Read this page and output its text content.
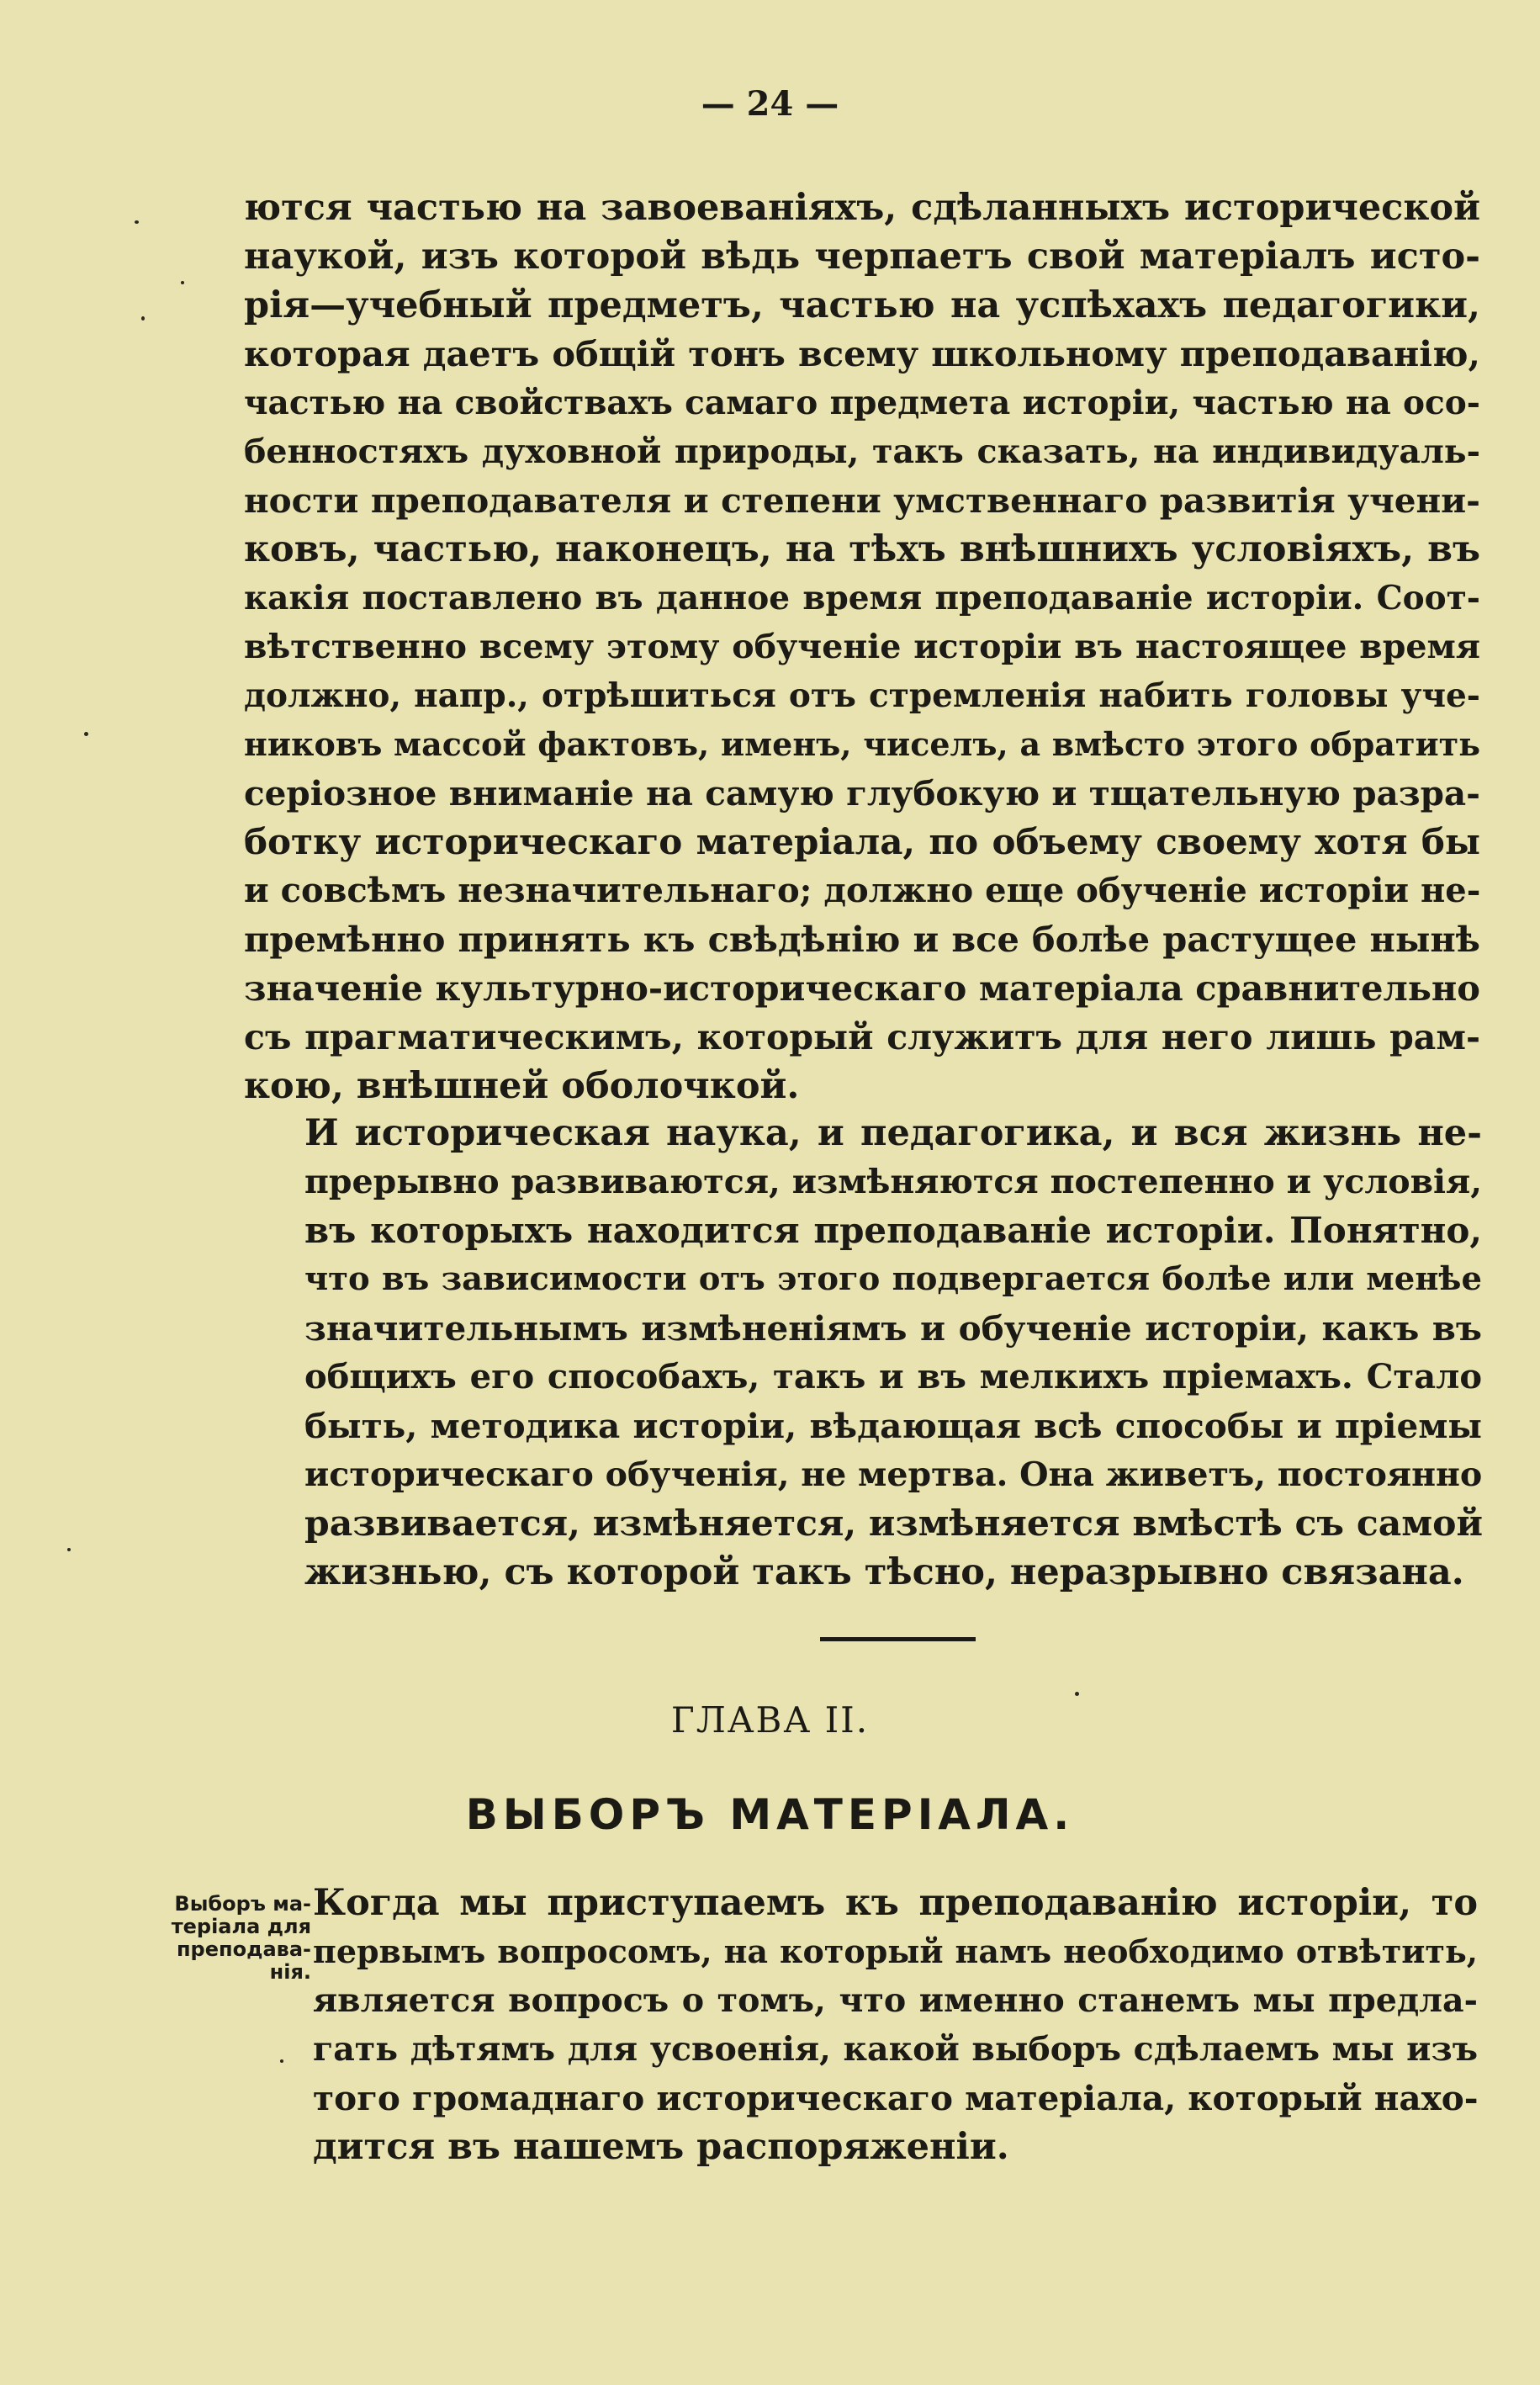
— 24 —

ются частью на завоеваніяхъ, сдѣланныхъ исторической
наукой, изъ которой вѣдь черпаетъ свой матеріалъ исто-
рія—учебный предметъ, частью на успѣхахъ педагогики,
которая даетъ общій тонъ всему школьному преподаванію,
частью на свойствахъ самаго предмета исторіи, частью на осо-
бенностяхъ духовной природы, такъ сказать, на индивидуаль-
ности преподавателя и степени умственнаго развитія учени-
ковъ, частью, наконецъ, на тѣхъ внѣшнихъ условіяхъ, въ
какія поставлено въ данное время преподаваніе исторіи. Соот-
вѣтственно всему этому обученіе исторіи въ настоящее время
должно, напр., отрѣшиться отъ стремленія набить головы уче-
никовъ массой фактовъ, именъ, чиселъ, а вмѣсто этого обратить
серіозное вниманіе на самую глубокую и тщательную разра-
ботку историческаго матеріала, по объему своему хотя бы
и совсѣмъ незначительнаго; должно еще обученіе исторіи не-
премѣнно принять къ свѣдѣнію и все болѣе растущее нынѣ
значеніе культурно-историческаго матеріала сравнительно
съ прагматическимъ, который служитъ для него лишь рам-
кою, внѣшней оболочкой.

И историческая наука, и педагогика, и вся жизнь не-
прерывно развиваются, измѣняются постепенно и условія,
въ которыхъ находится преподаваніе исторіи. Понятно,
что въ зависимости отъ этого подвергается болѣе или менѣе
значительнымъ измѣненіямъ и обученіе исторіи, какъ въ
общихъ его способахъ, такъ и въ мелкихъ пріемахъ. Стало
быть, методика исторіи, вѣдающая всѣ способы и пріемы
историческаго обученія, не мертва. Она живетъ, постоянно
развивается, измѣняется, измѣняется вмѣстѣ съ самой
жизнью, съ которой такъ тѣсно, неразрывно связана.

ГЛАВА II.
ВЫБОРЪ МАТЕРІАЛА.
Выборъ ма-
теріала для
преподава-
нія.

Когда мы приступаемъ къ преподаванію исторіи, то
первымъ вопросомъ, на который намъ необходимо отвѣтить,
является вопросъ о томъ, что именно станемъ мы предла-
гать дѣтямъ для усвоенія, какой выборъ сдѣлаемъ мы изъ
того громаднаго историческаго матеріала, который нахо-
дится въ нашемъ распоряженіи.
